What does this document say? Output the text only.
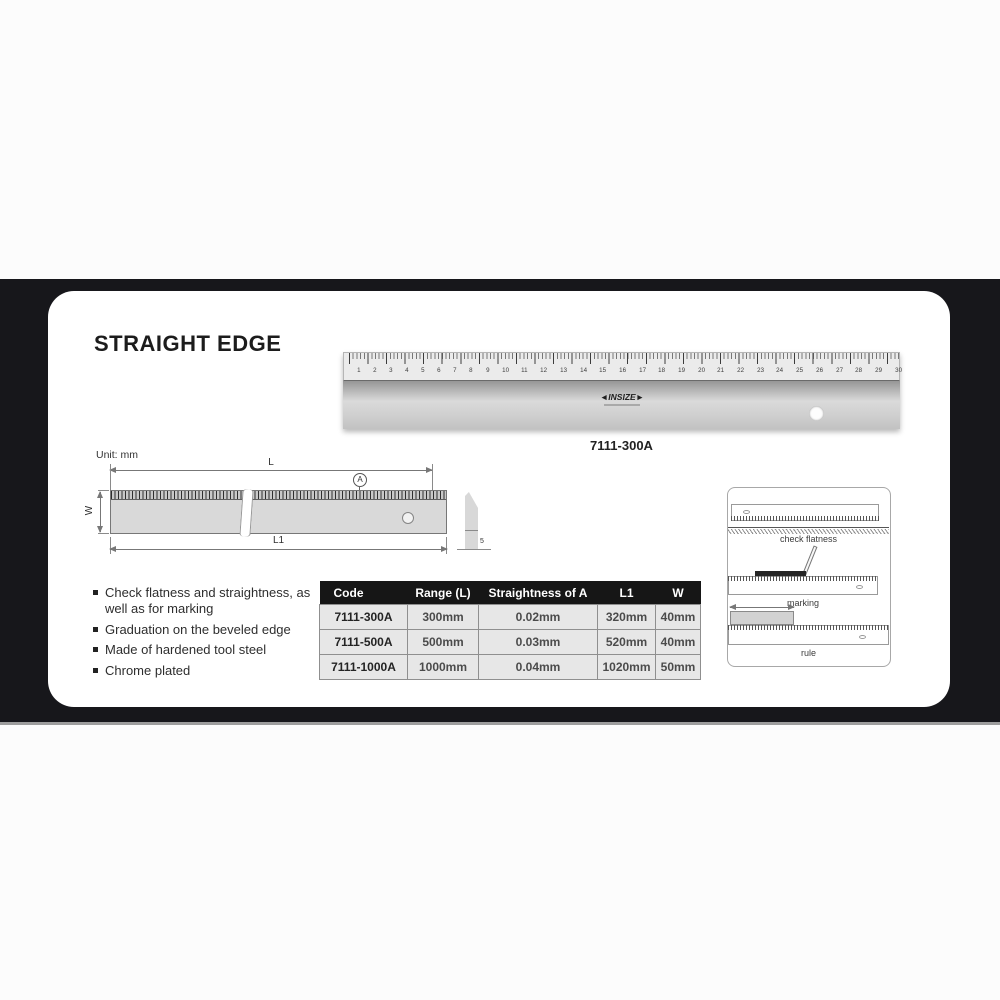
STRAIGHT EDGE
1 2 3 4 5 6 7 8 9 10 11 12 13 14 15 16 17 18 19 20 21 22 23 24 25 26 27 28 29 30
◄INSIZE►
7111-300A
Unit: mm
L
A
W
L1	5
Check flatness and straightness, as well as for marking
Graduation on the beveled edge
Made of hardened tool steel
Chrome plated
Code	Range (L)	Straightness of A	L1	W
7111-300A	300mm	0.02mm	320mm	40mm
7111-500A	500mm	0.03mm	520mm	40mm
7111-1000A	1000mm	0.04mm	1020mm	50mm
check flatness
marking
rule
